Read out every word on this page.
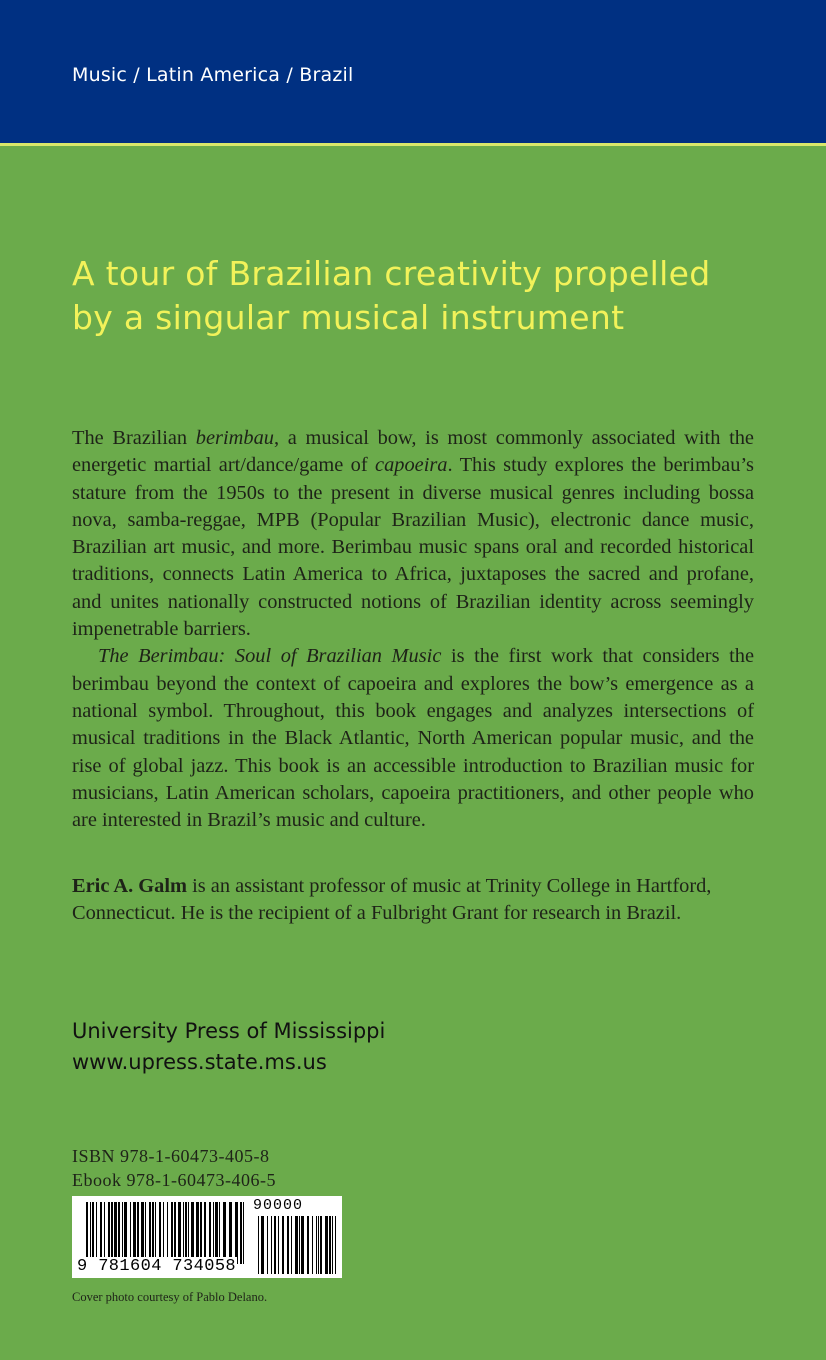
Music / Latin America / Brazil
A tour of Brazilian creativity propelled
by a singular musical instrument

The Brazilian berimbau, a musical bow, is most commonly associated with the energetic martial art/dance/game of capoeira. This study explores the berimbau’s stature from the 1950s to the present in diverse musical genres including bossa nova, samba-reggae, MPB (Popular Brazilian Music), electronic dance music, Brazilian art music, and more. Berimbau music spans oral and recorded historical traditions, connects Latin America to Africa, juxtaposes the sacred and profane, and unites nationally constructed notions of Brazilian identity across seemingly impenetrable barriers.

The Berimbau: Soul of Brazilian Music is the first work that considers the berimbau beyond the context of capoeira and explores the bow’s emergence as a national symbol. Throughout, this book engages and analyzes intersections of musical traditions in the Black Atlantic, North American popular music, and the rise of global jazz. This book is an accessible introduction to Brazilian music for musicians, Latin American scholars, capoeira practitioners, and other people who are interested in Brazil’s music and culture.

Eric A. Galm is an assistant professor of music at Trinity College in Hartford, Connecticut. He is the recipient of a Fulbright Grant for research in Brazil.
University Press of Mississippi
www.upress.state.ms.us
ISBN 978-1-60473-405-8
Ebook 978-1-60473-406-5
90000
9 781604 734058
Cover photo courtesy of Pablo Delano.
